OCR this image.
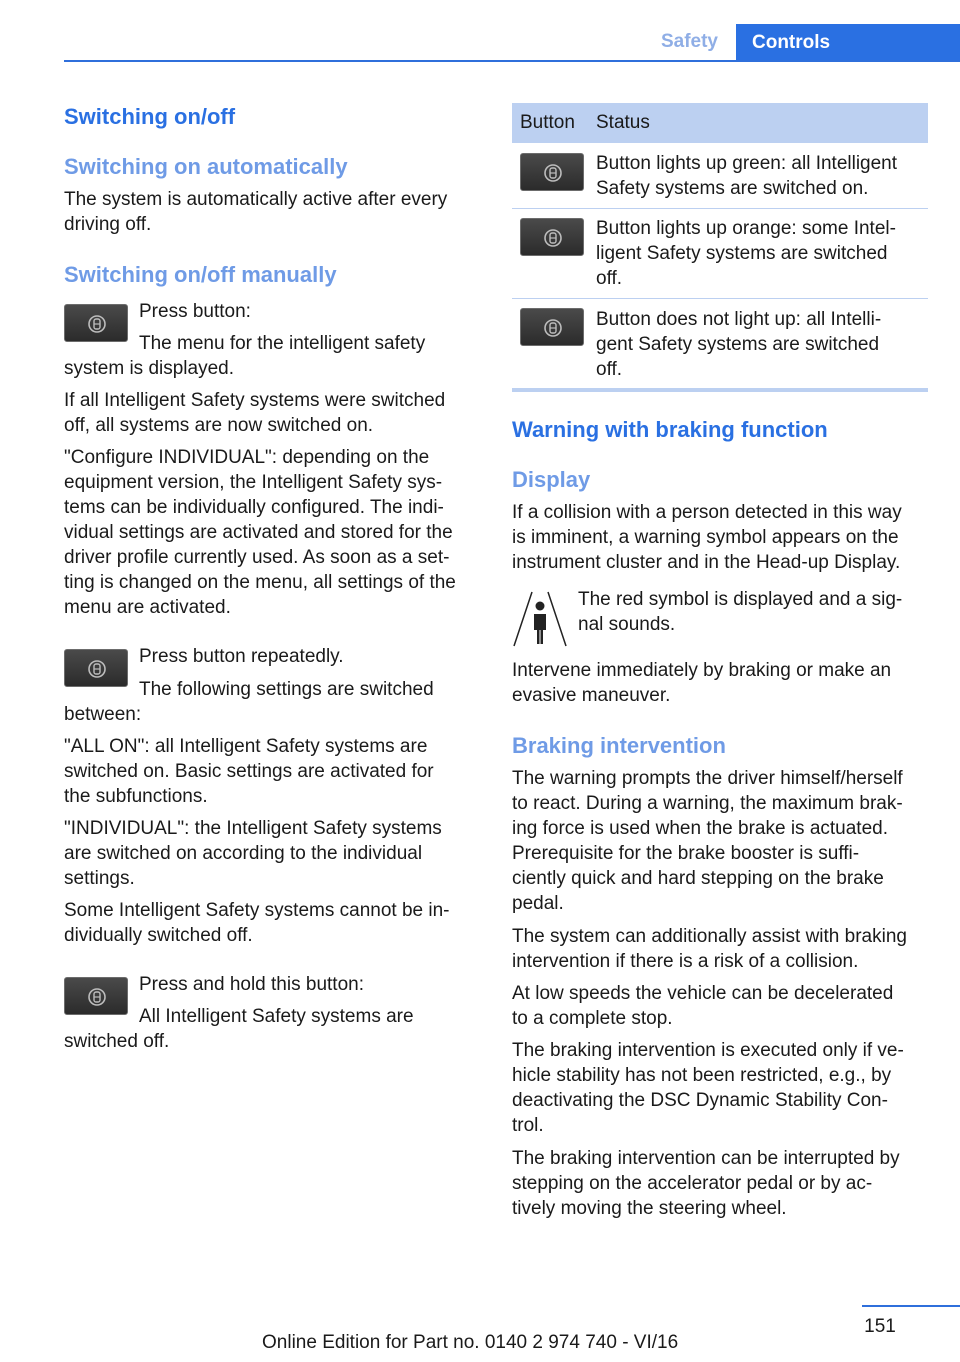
Safety	Controls
Switching on/off
Switching on automatically
The system is automatically active after every
driving off.
Switching on/off manually
Press button:
The menu for the intelligent safety
system is displayed.
If all Intelligent Safety systems were switched
off, all systems are now switched on.
"Configure INDIVIDUAL": depending on the
equipment version, the Intelligent Safety sys-
tems can be individually configured. The indi-
vidual settings are activated and stored for the
driver profile currently used. As soon as a set-
ting is changed on the menu, all settings of the
menu are activated.
Press button repeatedly.
The following settings are switched
between:
"ALL ON": all Intelligent Safety systems are
switched on. Basic settings are activated for
the subfunctions.
"INDIVIDUAL": the Intelligent Safety systems
are switched on according to the individual
settings.
Some Intelligent Safety systems cannot be in-
dividually switched off.
Press and hold this button:
All Intelligent Safety systems are
switched off.
Button Status
Button lights up green: all Intelligent
Safety systems are switched on.
Button lights up orange: some Intel-
ligent Safety systems are switched
off.
Button does not light up: all Intelli-
gent Safety systems are switched
off.
Warning with braking function
Display
If a collision with a person detected in this way
is imminent, a warning symbol appears on the
instrument cluster and in the Head-up Display.
The red symbol is displayed and a sig-
nal sounds.
Intervene immediately by braking or make an
evasive maneuver.
Braking intervention
The warning prompts the driver himself/herself
to react. During a warning, the maximum brak-
ing force is used when the brake is actuated.
Prerequisite for the brake booster is suffi-
ciently quick and hard stepping on the brake
pedal.
The system can additionally assist with braking
intervention if there is a risk of a collision.
At low speeds the vehicle can be decelerated
to a complete stop.
The braking intervention is executed only if ve-
hicle stability has not been restricted, e.g., by
deactivating the DSC Dynamic Stability Con-
trol.
The braking intervention can be interrupted by
stepping on the accelerator pedal or by ac-
tively moving the steering wheel.
151
Online Edition for Part no. 0140 2 974 740 - VI/16
